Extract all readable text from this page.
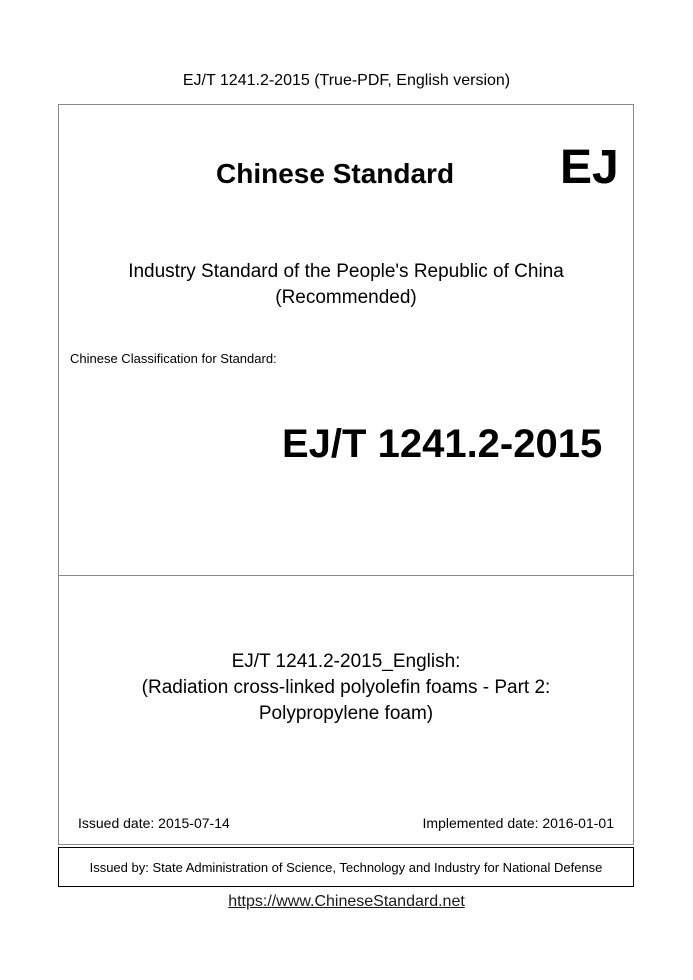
EJ/T 1241.2-2015 (True-PDF, English version)
Chinese Standard EJ
Industry Standard of the People's Republic of China
(Recommended)
Chinese Classification for Standard:
EJ/T 1241.2-2015
EJ/T 1241.2-2015_English:
(Radiation cross-linked polyolefin foams - Part 2:
Polypropylene foam)
Issued date: 2015-07-14	Implemented date: 2016-01-01
Issued by: State Administration of Science, Technology and Industry for National Defense
https://www.ChineseStandard.net
